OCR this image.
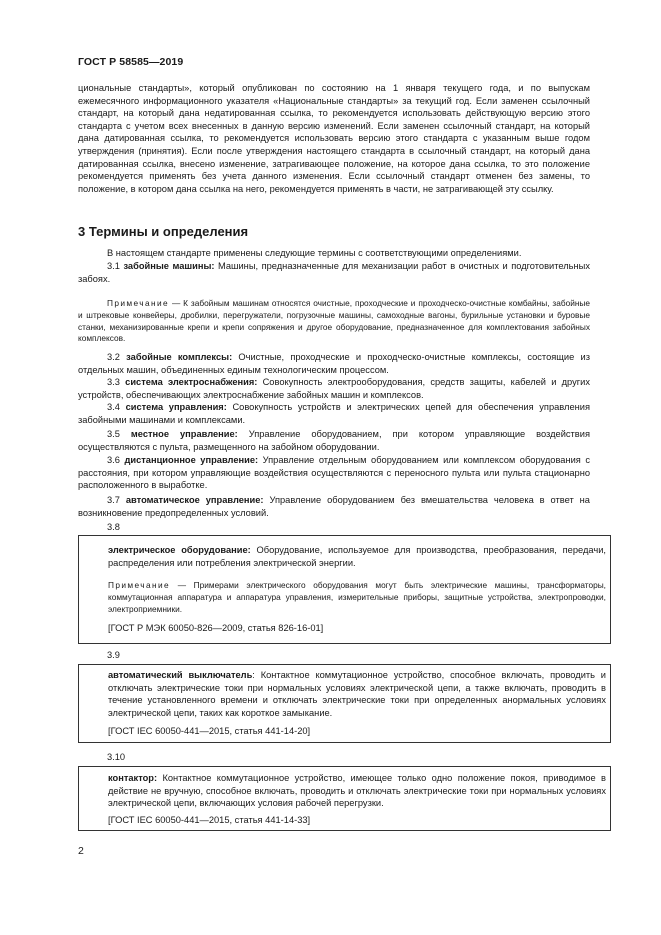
ГОСТ Р 58585—2019
циональные стандарты», который опубликован по состоянию на 1 января текущего года, и по выпускам ежемесячного информационного указателя «Национальные стандарты» за текущий год. Если заменен ссылочный стандарт, на который дана недатированная ссылка, то рекомендуется использовать действующую версию этого стандарта с учетом всех внесенных в данную версию изменений. Если заменен ссылочный стандарт, на который дана датированная ссылка, то рекомендуется использовать версию этого стандарта с указанным выше годом утверждения (принятия). Если после утверждения настоящего стандарта в ссылочный стандарт, на который дана датированная ссылка, внесено изменение, затрагивающее положение, на которое дана ссылка, то это положение рекомендуется применять без учета данного изменения. Если ссылочный стандарт отменен без замены, то положение, в котором дана ссылка на него, рекомендуется применять в части, не затрагивающей эту ссылку.
3 Термины и определения
В настоящем стандарте применены следующие термины с соответствующими определениями.
3.1 забойные машины: Машины, предназначенные для механизации работ в очистных и подготовительных забоях.
Примечание — К забойным машинам относятся очистные, проходческие и проходческо-очистные комбайны, забойные и штрековые конвейеры, дробилки, перегружатели, погрузочные машины, самоходные вагоны, бурильные установки и буровые станки, механизированные крепи и крепи сопряжения и другое оборудование, предназначенное для комплектования забойных комплексов.
3.2 забойные комплексы: Очистные, проходческие и проходческо-очистные комплексы, состоящие из отдельных машин, объединенных единым технологическим процессом.
3.3 система электроснабжения: Совокупность электрооборудования, средств защиты, кабелей и других устройств, обеспечивающих электроснабжение забойных машин и комплексов.
3.4 система управления: Совокупность устройств и электрических цепей для обеспечения управления забойными машинами и комплексами.
3.5 местное управление: Управление оборудованием, при котором управляющие воздействия осуществляются с пульта, размещенного на забойном оборудовании.
3.6 дистанционное управление: Управление отдельным оборудованием или комплексом оборудования с расстояния, при котором управляющие воздействия осуществляются с переносного пульта или пульта стационарно расположенного в выработке.
3.7 автоматическое управление: Управление оборудованием без вмешательства человека в ответ на возникновение предопределенных условий.
3.8
электрическое оборудование: Оборудование, используемое для производства, преобразования, передачи, распределения или потребления электрической энергии.
Примечание — Примерами электрического оборудования могут быть электрические машины, трансформаторы, коммутационная аппаратура и аппаратура управления, измерительные приборы, защитные устройства, электропроводки, электроприемники.
[ГОСТ Р МЭК 60050-826—2009, статья 826-16-01]
3.9
автоматический выключатель: Контактное коммутационное устройство, способное включать, проводить и отключать электрические токи при нормальных условиях электрической цепи, а также включать, проводить в течение установленного времени и отключать электрические токи при определенных анормальных условиях электрической цепи, таких как короткое замыкание.
[ГОСТ IEC 60050-441—2015, статья 441-14-20]
3.10
контактор: Контактное коммутационное устройство, имеющее только одно положение покоя, приводимое в действие не вручную, способное включать, проводить и отключать электрические токи при нормальных условиях электрической цепи, включающих условия рабочей перегрузки.
[ГОСТ IEC 60050-441—2015, статья 441-14-33]
2
